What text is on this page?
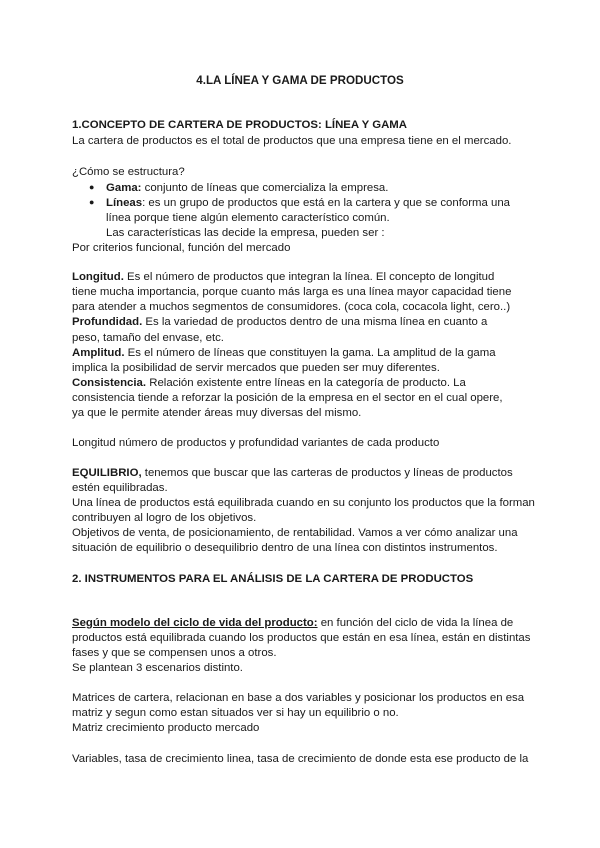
4.LA LÍNEA Y GAMA DE PRODUCTOS
1.CONCEPTO DE CARTERA DE PRODUCTOS: LÍNEA Y GAMA
La cartera de productos es el total de productos que una empresa tiene en el mercado.
¿Cómo se estructura?
● Gama: conjunto de líneas que comercializa la empresa.
● Líneas: es un grupo de productos que está en la cartera y que se conforma una
línea porque tiene algún elemento característico común.
Las características las decide la empresa, pueden ser :
Por criterios funcional, función del mercado
Longitud. Es el número de productos que integran la línea. El concepto de longitud
tiene mucha importancia, porque cuanto más larga es una línea mayor capacidad tiene
para atender a muchos segmentos de consumidores. (coca cola, cocacola light, cero..)
Profundidad. Es la variedad de productos dentro de una misma línea en cuanto a
peso, tamaño del envase, etc.
Amplitud. Es el número de líneas que constituyen la gama. La amplitud de la gama
implica la posibilidad de servir mercados que pueden ser muy diferentes.
Consistencia. Relación existente entre líneas en la categoría de producto. La
consistencia tiende a reforzar la posición de la empresa en el sector en el cual opere,
ya que le permite atender áreas muy diversas del mismo.
Longitud número de productos y profundidad variantes de cada producto
EQUILIBRIO, tenemos que buscar que las carteras de productos y líneas de productos
estén equilibradas.
Una línea de productos está equilibrada cuando en su conjunto los productos que la forman
contribuyen al logro de los objetivos.
Objetivos de venta, de posicionamiento, de rentabilidad. Vamos a ver cómo analizar una
situación de equilibrio o desequilibrio dentro de una línea con distintos instrumentos.
2. INSTRUMENTOS PARA EL ANÁLISIS DE LA CARTERA DE PRODUCTOS
Según modelo del ciclo de vida del producto: en función del ciclo de vida la línea de
productos está equilibrada cuando los productos que están en esa línea, están en distintas
fases y que se compensen unos a otros.
Se plantean 3 escenarios distinto.
Matrices de cartera, relacionan en base a dos variables y posicionar los productos en esa
matriz y segun como estan situados ver si hay un equilibrio o no.
Matriz crecimiento producto mercado
Variables, tasa de crecimiento linea, tasa de crecimiento de donde esta ese producto de la
